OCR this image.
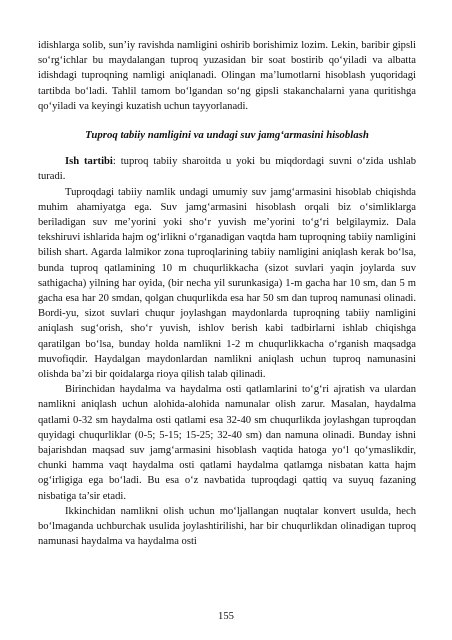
idishlarga solib, sun’iy ravishda namligini oshirib borishimiz lozim. Lekin, baribir gipsli so‘rg‘ichlar bu maydalangan tuproq yuzasidan bir soat bostirib qo‘yiladi va albatta idishdagi tuproqning namligi aniqlanadi. Olingan ma’lumotlarni hisoblash yuqoridagi tartibda bo‘ladi. Tahlil tamom bo‘lgandan so‘ng gipsli stakanchalarni yana quritishga qo‘yiladi va keyingi kuzatish uchun tayyorlanadi.

Tuproq tabiiy namligini va undagi suv jamg‘armasini hisoblash

Ish tartibi: tuproq tabiiy sharoitda u yoki bu miqdordagi suvni o‘zida ushlab turadi.

Tuproqdagi tabiiy namlik undagi umumiy suv jamg‘armasini hisoblab chiqishda muhim ahamiyatga ega. Suv jamg‘armasini hisoblash orqali biz o‘simliklarga beriladigan suv me’yorini yoki sho‘r yuvish me’yorini to‘g‘ri belgilaymiz. Dala tekshiruvi ishlarida hajm og‘irlikni o‘rganadigan vaqtda ham tuproqning tabiiy namligini bilish shart. Agarda lalmikor zona tuproqlarining tabiiy namligini aniqlash kerak bo‘lsa, bunda tuproq qatlamining 10 m chuqurlikkacha (sizot suvlari yaqin joylarda suv sathigacha) yilning har oyida, (bir necha yil surunkasiga) 1-m gacha har 10 sm, dan 5 m gacha esa har 20 smdan, qolgan chuqurlikda esa har 50 sm dan tuproq namunasi olinadi. Bordi-yu, sizot suvlari chuqur joylashgan maydonlarda tuproqning tabiiy namligini aniqlash sug‘orish, sho‘r yuvish, ishlov berish kabi tadbirlarni ishlab chiqishga qaratilgan bo‘lsa, bunday holda namlikni 1-2 m chuqurlikkacha o‘rganish maqsadga muvofiqdir. Haydalgan maydonlardan namlikni aniqlash uchun tuproq namunasini olishda ba’zi bir qoidalarga rioya qilish talab qilinadi.

Birinchidan haydalma va haydalma osti qatlamlarini to‘g‘ri ajratish va ulardan namlikni aniqlash uchun alohida-alohida namunalar olish zarur. Masalan, haydalma qatlami 0-32 sm haydalma osti qatlami esa 32-40 sm chuqurlikda joylashgan tuproqdan quyidagi chuqurliklar (0-5; 5-15; 15-25; 32-40 sm) dan namuna olinadi. Bunday ishni bajarishdan maqsad suv jamg‘armasini hisoblash vaqtida hatoga yo‘l qo‘ymaslikdir, chunki hamma vaqt haydalma osti qatlami haydalma qatlamga nisbatan katta hajm og‘irligiga ega bo‘ladi. Bu esa o‘z navbatida tuproqdagi qattiq va suyuq fazaning nisbatiga ta’sir etadi.

Ikkinchidan namlikni olish uchun mo‘ljallangan nuqtalar konvert usulda, hech bo‘lmaganda uchburchak usulida joylashtirilishi, har bir chuqurlikdan olinadigan tuproq namunasi haydalma va haydalma osti

155
